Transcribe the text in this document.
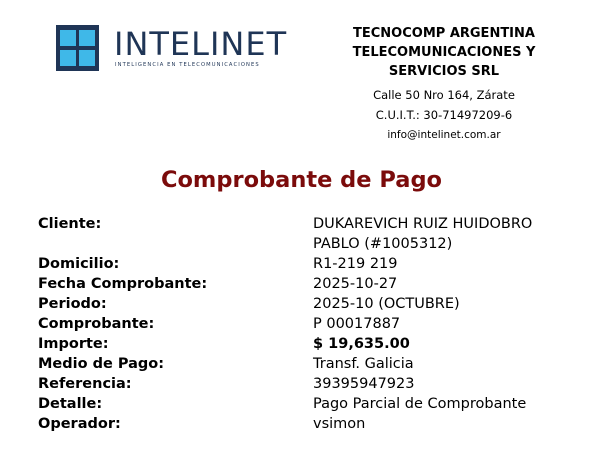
INTELINET
INTELIGENCIA EN TELECOMUNICACIONES
TECNOCOMP ARGENTINA
TELECOMUNICACIONES Y
SERVICIOS SRL
Calle 50 Nro 164, Zárate
C.U.I.T.: 30-71497209-6
info@intelinet.com.ar
Comprobante de Pago
Cliente:	DUKAREVICH RUIZ HUIDOBRO
PABLO (#1005312)
Domicilio:	R1-219 219
Fecha Comprobante:	2025-10-27
Periodo:	2025-10 (OCTUBRE)
Comprobante:	P 00017887
Importe:	$ 19,635.00
Medio de Pago:	Transf. Galicia
Referencia:	39395947923
Detalle:	Pago Parcial de Comprobante
Operador:	vsimon
